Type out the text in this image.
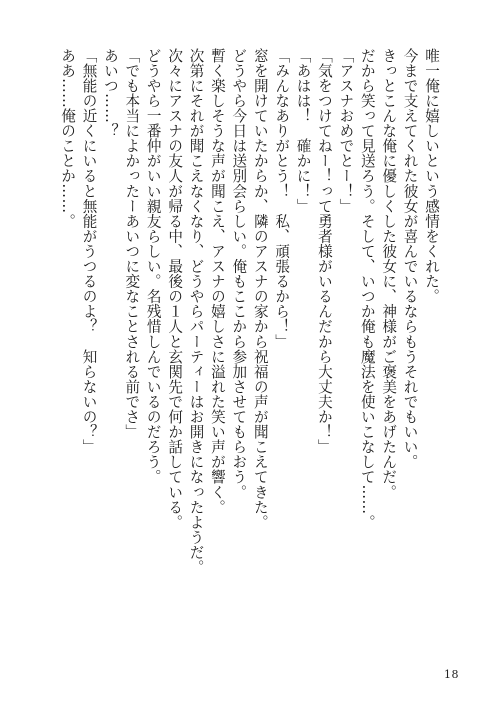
唯一俺に嬉しいという感情をくれた。
今まで支えてくれた彼女が喜んでいるならもうそれでもいい。
きっとこんな俺に優しくした彼女に、神様がご褒美をあげたんだ。
だから笑って見送ろう。そして、いつか俺も魔法を使いこなして……。
「アスナおめでとー！」
「気をつけてねー！って勇者様がいるんだから大丈夫か！」
「あはは！　確かに！」
「みんなありがとう！　私、頑張るから！」
窓を開けていたからか、隣のアスナの家から祝福の声が聞こえてきた。
どうやら今日は送別会らしい。俺もここから参加させてもらおう。
暫く楽しそうな声が聞こえ、アスナの嬉しさに溢れた笑い声が響く。
次第にそれが聞こえなくなり、どうやらパーティーはお開きになったようだ。
次々にアスナの友人が帰る中、最後の１人と玄関先で何か話している。
どうやら一番仲がいい親友らしい。名残惜しんでいるのだろう。
「でも本当によかったーあいつに変なことされる前でさ」
あいつ……？
「無能の近くにいると無能がうつるのよ？　知らないの？」
ああ……俺のことか……。
18
